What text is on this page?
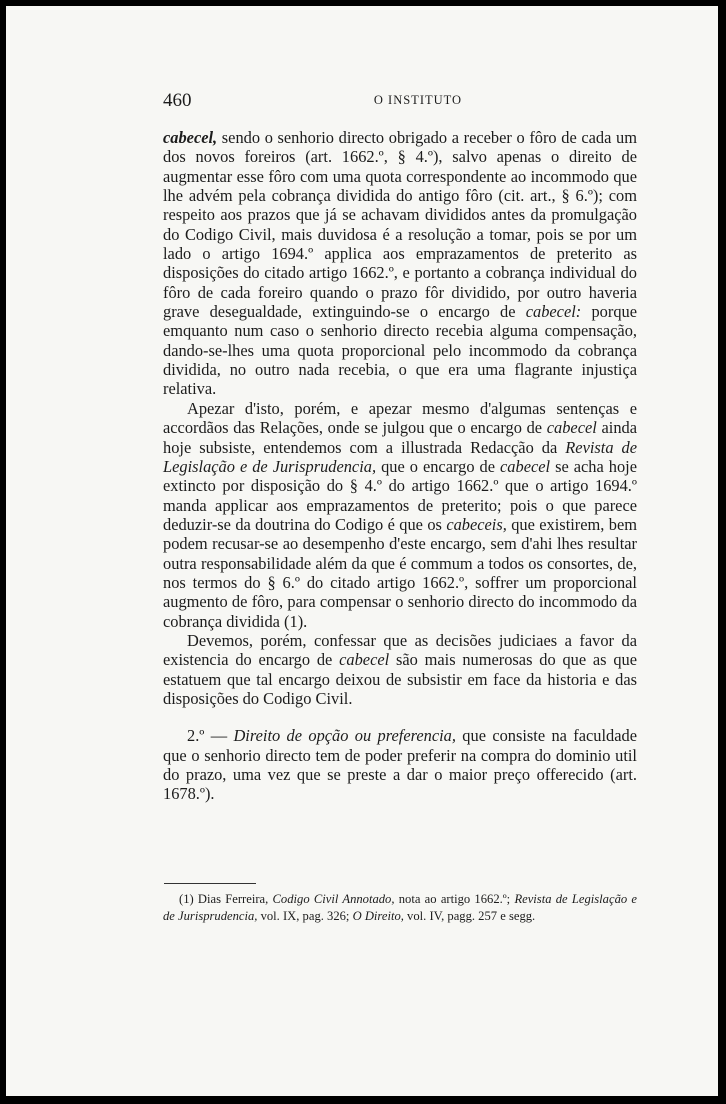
460	O INSTITUTO

cabecel, sendo o senhorio directo obrigado a receber o fôro de cada um dos novos foreiros (art. 1662.º, § 4.º), salvo apenas o direito de augmentar esse fôro com uma quota correspondente ao incommodo que lhe advém pela cobrança dividida do antigo fôro (cit. art., § 6.º); com respeito aos prazos que já se achavam divididos antes da promulgação do Codigo Civil, mais duvidosa é a resolução a tomar, pois se por um lado o artigo 1694.º applica aos emprazamentos de preterito as disposições do citado artigo 1662.º, e portanto a cobrança individual do fôro de cada foreiro quando o prazo fôr dividido, por outro haveria grave desegualdade, extinguindo-se o encargo de cabecel: porque emquanto num caso o senhorio directo recebia alguma compensação, dando-se-lhes uma quota proporcional pelo incommodo da cobrança dividida, no outro nada recebia, o que era uma flagrante injustiça relativa.

Apezar d'isto, porém, e apezar mesmo d'algumas sentenças e accordãos das Relações, onde se julgou que o encargo de cabecel ainda hoje subsiste, entendemos com a illustrada Redacção da Revista de Legislação e de Jurisprudencia, que o encargo de cabecel se acha hoje extincto por disposição do § 4.º do artigo 1662.º que o artigo 1694.º manda applicar aos emprazamentos de preterito; pois o que parece deduzir-se da doutrina do Codigo é que os cabeceis, que existirem, bem podem recusar-se ao desempenho d'este encargo, sem d'ahi lhes resultar outra responsabilidade além da que é commum a todos os consortes, de, nos termos do § 6.º do citado artigo 1662.º, soffrer um proporcional augmento de fôro, para compensar o senhorio directo do incommodo da cobrança dividida (1).

Devemos, porém, confessar que as decisões judiciaes a favor da existencia do encargo de cabecel são mais numerosas do que as que estatuem que tal encargo deixou de subsistir em face da historia e das disposições do Codigo Civil.

2.º — Direito de opção ou preferencia, que consiste na faculdade que o senhorio directo tem de poder preferir na compra do dominio util do prazo, uma vez que se preste a dar o maior preço offerecido (art. 1678.º).

(1) Dias Ferreira, Codigo Civil Annotado, nota ao artigo 1662.º; Revista de Legislação e de Jurisprudencia, vol. IX, pag. 326; O Direito, vol. IV, pagg. 257 e segg.
